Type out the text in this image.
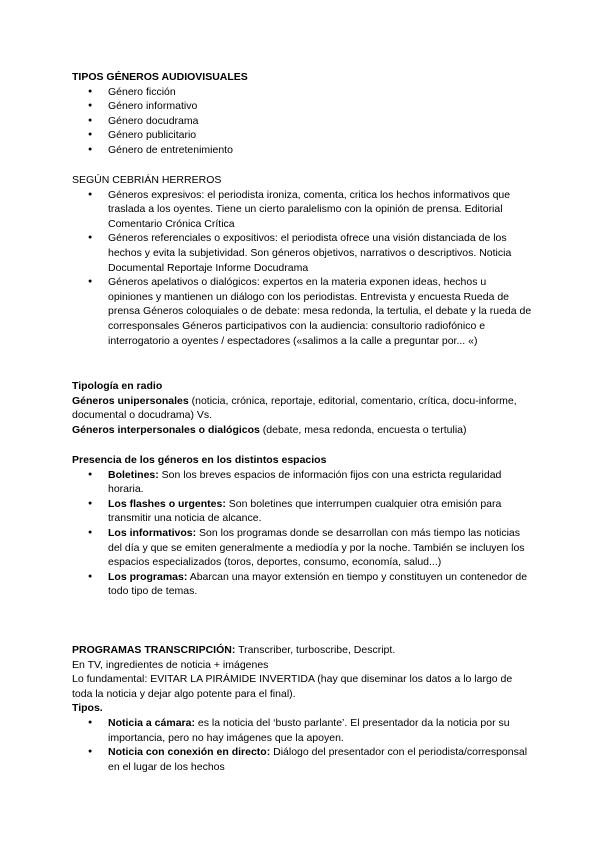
TIPOS GÉNEROS AUDIOVISUALES
● Género ficción
● Género informativo
● Género docudrama
● Género publicitario
● Género de entretenimiento
SEGÚN CEBRIÁN HERREROS
● Géneros expresivos: el periodista ironiza, comenta, critica los hechos informativos que traslada a los oyentes. Tiene un cierto paralelismo con la opinión de prensa. Editorial Comentario Crónica Crítica
● Géneros referenciales o expositivos: el periodista ofrece una visión distanciada de los hechos y evita la subjetividad. Son géneros objetivos, narrativos o descriptivos. Noticia Documental Reportaje Informe Docudrama
● Géneros apelativos o dialógicos: expertos en la materia exponen ideas, hechos u opiniones y mantienen un diálogo con los periodistas. Entrevista y encuesta Rueda de prensa Géneros coloquiales o de debate: mesa redonda, la tertulia, el debate y la rueda de corresponsales Géneros participativos con la audiencia: consultorio radiofónico e interrogatorio a oyentes / espectadores («salimos a la calle a preguntar por... «)
Tipología en radio
Géneros unipersonales (noticia, crónica, reportaje, editorial, comentario, crítica, docu-informe, documental o docudrama) Vs.
Géneros interpersonales o dialógicos (debate, mesa redonda, encuesta o tertulia)
Presencia de los géneros en los distintos espacios
● Boletines: Son los breves espacios de información fijos con una estricta regularidad horaria.
● Los flashes o urgentes: Son boletines que interrumpen cualquier otra emisión para transmitir una noticia de alcance.
● Los informativos: Son los programas donde se desarrollan con más tiempo las noticias del día y que se emiten generalmente a mediodía y por la noche. También se incluyen los espacios especializados (toros, deportes, consumo, economía, salud...)
● Los programas: Abarcan una mayor extensión en tiempo y constituyen un contenedor de todo tipo de temas.
PROGRAMAS TRANSCRIPCIÓN: Transcriber, turboscribe, Descript.
En TV, ingredientes de noticia + imágenes
Lo fundamental: EVITAR LA PIRÁMIDE INVERTIDA (hay que diseminar los datos a lo largo de toda la noticia y dejar algo potente para el final).
Tipos.
● Noticia a cámara: es la noticia del ‘busto parlante’. El presentador da la noticia por su importancia, pero no hay imágenes que la apoyen.
● Noticia con conexión en directo: Diálogo del presentador con el periodista/corresponsal en el lugar de los hechos
